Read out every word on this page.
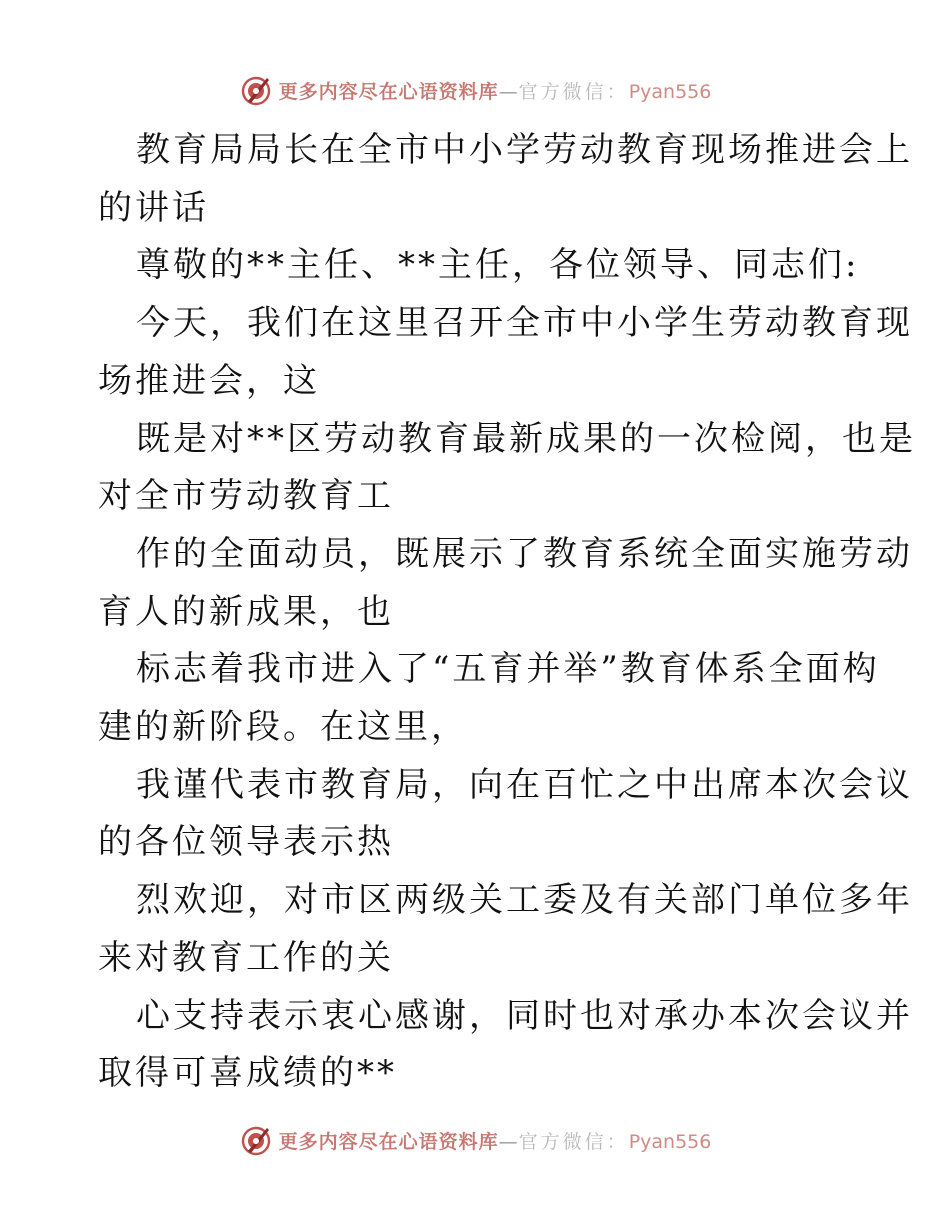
更多内容尽在心语资料库—官方微信：Pyan556

教育局局长在全市中小学劳动教育现场推进会上
的讲话

尊敬的**主任、**主任，各位领导、同志们:

今天，我们在这里召开全市中小学生劳动教育现
场推进会，这

既是对**区劳动教育最新成果的一次检阅，也是
对全市劳动教育工

作的全面动员，既展示了教育系统全面实施劳动
育人的新成果，也

标志着我市进入了“五育并举”教育体系全面构
建的新阶段。在这里，

我谨代表市教育局，向在百忙之中出席本次会议
的各位领导表示热

烈欢迎，对市区两级关工委及有关部门单位多年
来对教育工作的关

心支持表示衷心感谢，同时也对承办本次会议并
取得可喜成绩的**

更多内容尽在心语资料库—官方微信：Pyan556
